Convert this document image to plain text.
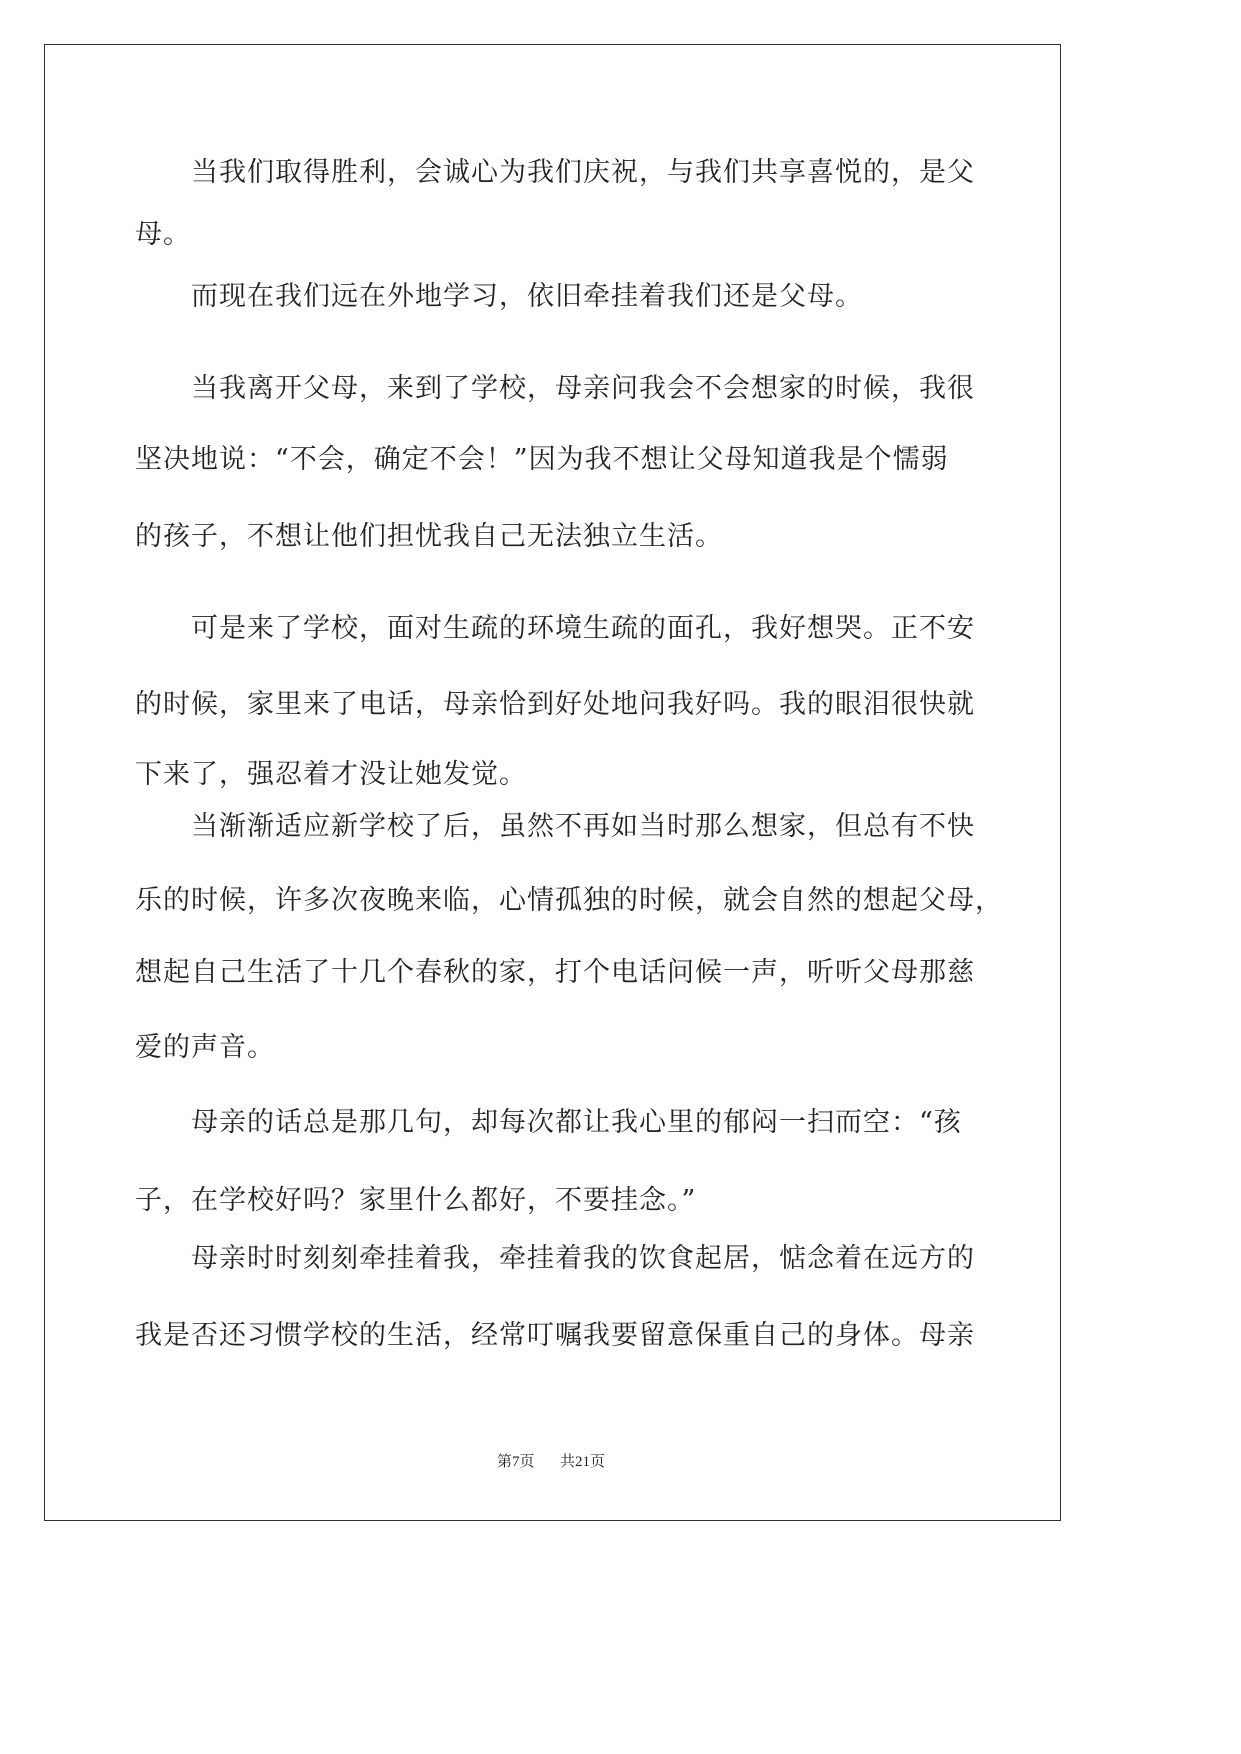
当我们取得胜利，会诚心为我们庆祝，与我们共享喜悦的，是父
母。
而现在我们远在外地学习，依旧牵挂着我们还是父母。
当我离开父母，来到了学校，母亲问我会不会想家的时候，我很
坚决地说：“不会，确定不会！”因为我不想让父母知道我是个懦弱
的孩子，不想让他们担忧我自己无法独立生活。
可是来了学校，面对生疏的环境生疏的面孔，我好想哭。正不安
的时候，家里来了电话，母亲恰到好处地问我好吗。我的眼泪很快就
下来了，强忍着才没让她发觉。
当渐渐适应新学校了后，虽然不再如当时那么想家，但总有不快
乐的时候，许多次夜晚来临，心情孤独的时候，就会自然的想起父母，
想起自己生活了十几个春秋的家，打个电话问候一声，听听父母那慈
爱的声音。
母亲的话总是那几句，却每次都让我心里的郁闷一扫而空：“孩
子，在学校好吗？家里什么都好，不要挂念。”
母亲时时刻刻牵挂着我，牵挂着我的饮食起居，惦念着在远方的
我是否还习惯学校的生活，经常叮嘱我要留意保重自己的身体。母亲
第7页 共21页
